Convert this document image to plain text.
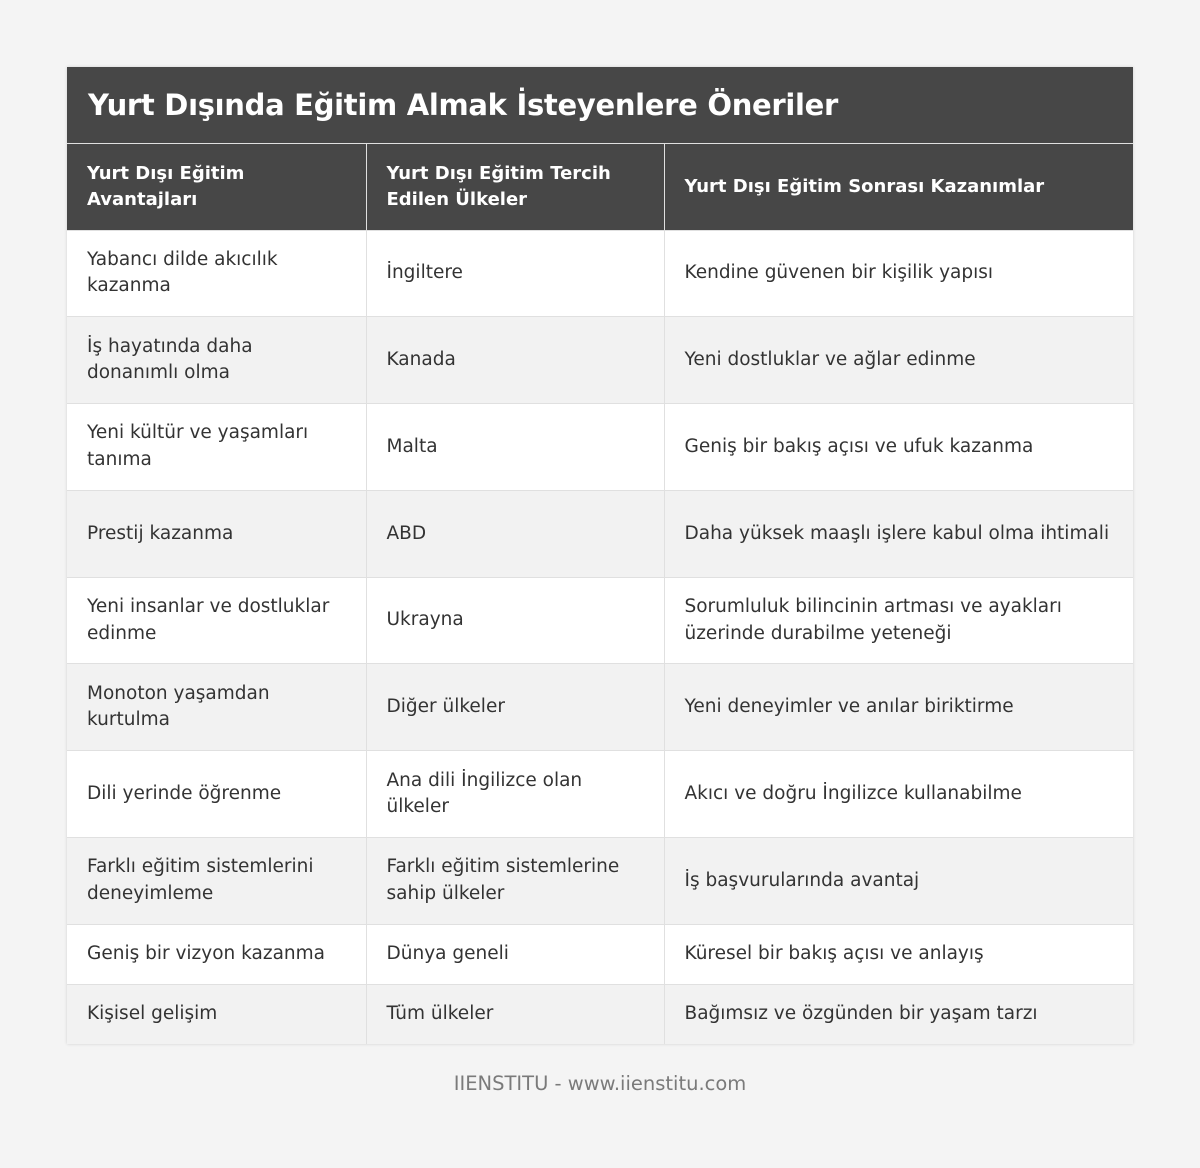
Yurt Dışında Eğitim Almak İsteyenlere Öneriler
Yurt Dışı Eğitim Avantajları	Yurt Dışı Eğitim Tercih Edilen Ülkeler	Yurt Dışı Eğitim Sonrası Kazanımlar
Yabancı dilde akıcılık kazanma	İngiltere	Kendine güvenen bir kişilik yapısı
İş hayatında daha donanımlı olma	Kanada	Yeni dostluklar ve ağlar edinme
Yeni kültür ve yaşamları tanıma	Malta	Geniş bir bakış açısı ve ufuk kazanma
Prestij kazanma	ABD	Daha yüksek maaşlı işlere kabul olma ihtimali
Yeni insanlar ve dostluklar edinme	Ukrayna	Sorumluluk bilincinin artması ve ayakları üzerinde durabilme yeteneği
Monoton yaşamdan kurtulma	Diğer ülkeler	Yeni deneyimler ve anılar biriktirme
Dili yerinde öğrenme	Ana dili İngilizce olan ülkeler	Akıcı ve doğru İngilizce kullanabilme
Farklı eğitim sistemlerini deneyimleme	Farklı eğitim sistemlerine sahip ülkeler	İş başvurularında avantaj
Geniş bir vizyon kazanma	Dünya geneli	Küresel bir bakış açısı ve anlayış
Kişisel gelişim	Tüm ülkeler	Bağımsız ve özgünden bir yaşam tarzı
IIENSTITU - www.iienstitu.com
